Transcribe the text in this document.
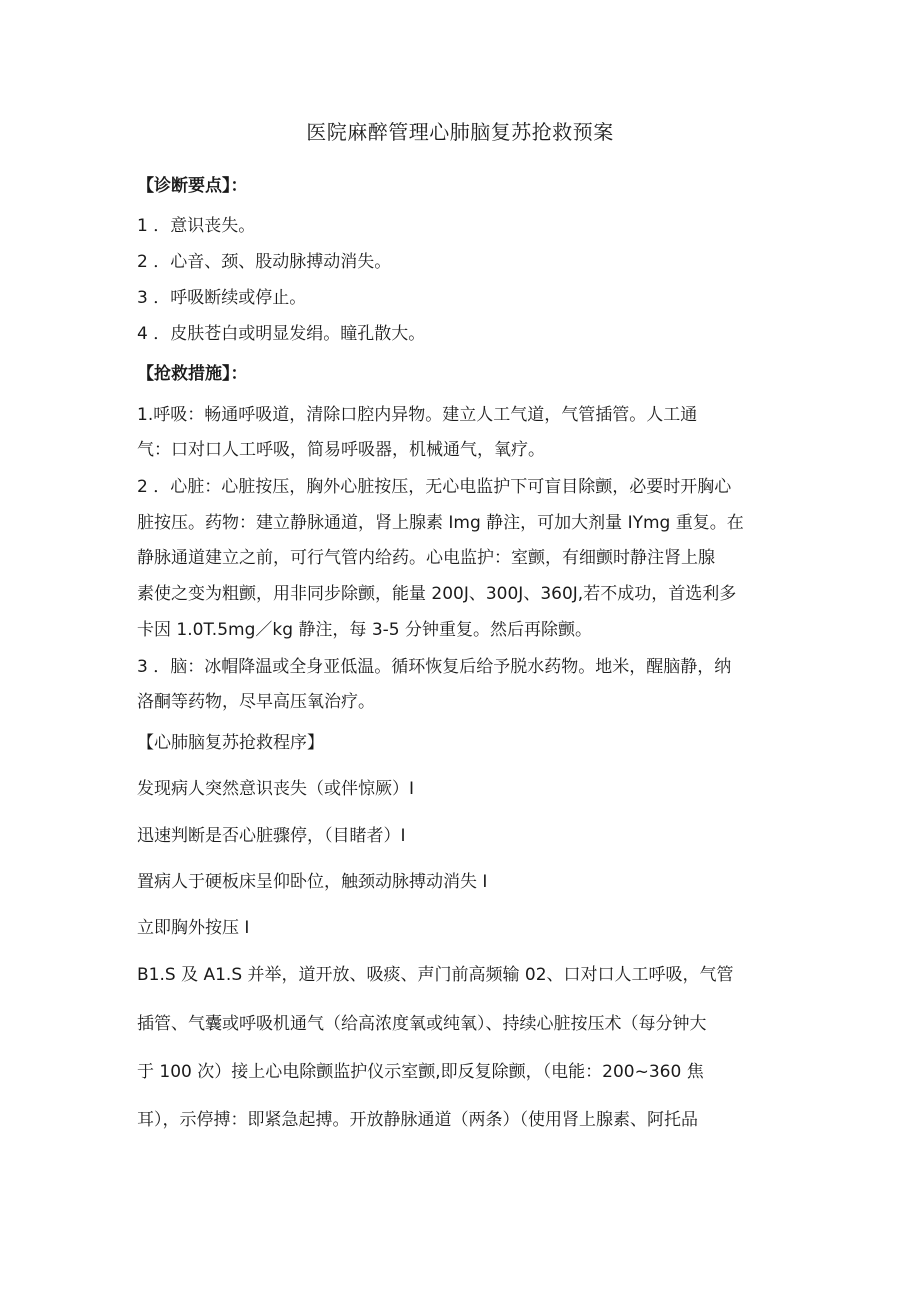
医院麻醉管理心肺脑复苏抢救预案
【诊断要点】：
1 ．意识丧失。
2 ．心音、颈、股动脉搏动消失。
3 ．呼吸断续或停止。
4 ．皮肤苍白或明显发绢。瞳孔散大。
【抢救措施】：
1.呼吸：畅通呼吸道，清除口腔内异物。建立人工气道，气管插管。人工通
气：口对口人工呼吸，简易呼吸器，机械通气，氧疗。
2 ．心脏：心脏按压，胸外心脏按压，无心电监护下可盲目除颤，必要时开胸心
脏按压。药物：建立静脉通道，肾上腺素 Img 静注，可加大剂量 IYmg 重复。在
静脉通道建立之前，可行气管内给药。心电监护：室颤，有细颤时静注肾上腺
素使之变为粗颤，用非同步除颤，能量 200J、300J、360J,若不成功，首选利多
卡因 1.0T.5mg／kg 静注，每 3-5 分钟重复。然后再除颤。
3 ．脑：冰帽降温或全身亚低温。循环恢复后给予脱水药物。地米，醒脑静，纳
洛酮等药物，尽早高压氧治疗。
【心肺脑复苏抢救程序】
发现病人突然意识丧失（或伴惊厥）I
迅速判断是否心脏骤停，（目睹者）I
置病人于硬板床呈仰卧位，触颈动脉搏动消失 I
立即胸外按压 I
B1.S 及 A1.S 并举，道开放、吸痰、声门前高频输 02、口对口人工呼吸，气管
插管、气囊或呼吸机通气（给高浓度氧或纯氧）、持续心脏按压术（每分钟大
于 100 次）接上心电除颤监护仪示室颤,即反复除颤，（电能：200~360 焦
耳），示停搏：即紧急起搏。开放静脉通道（两条）（使用肾上腺素、阿托品
